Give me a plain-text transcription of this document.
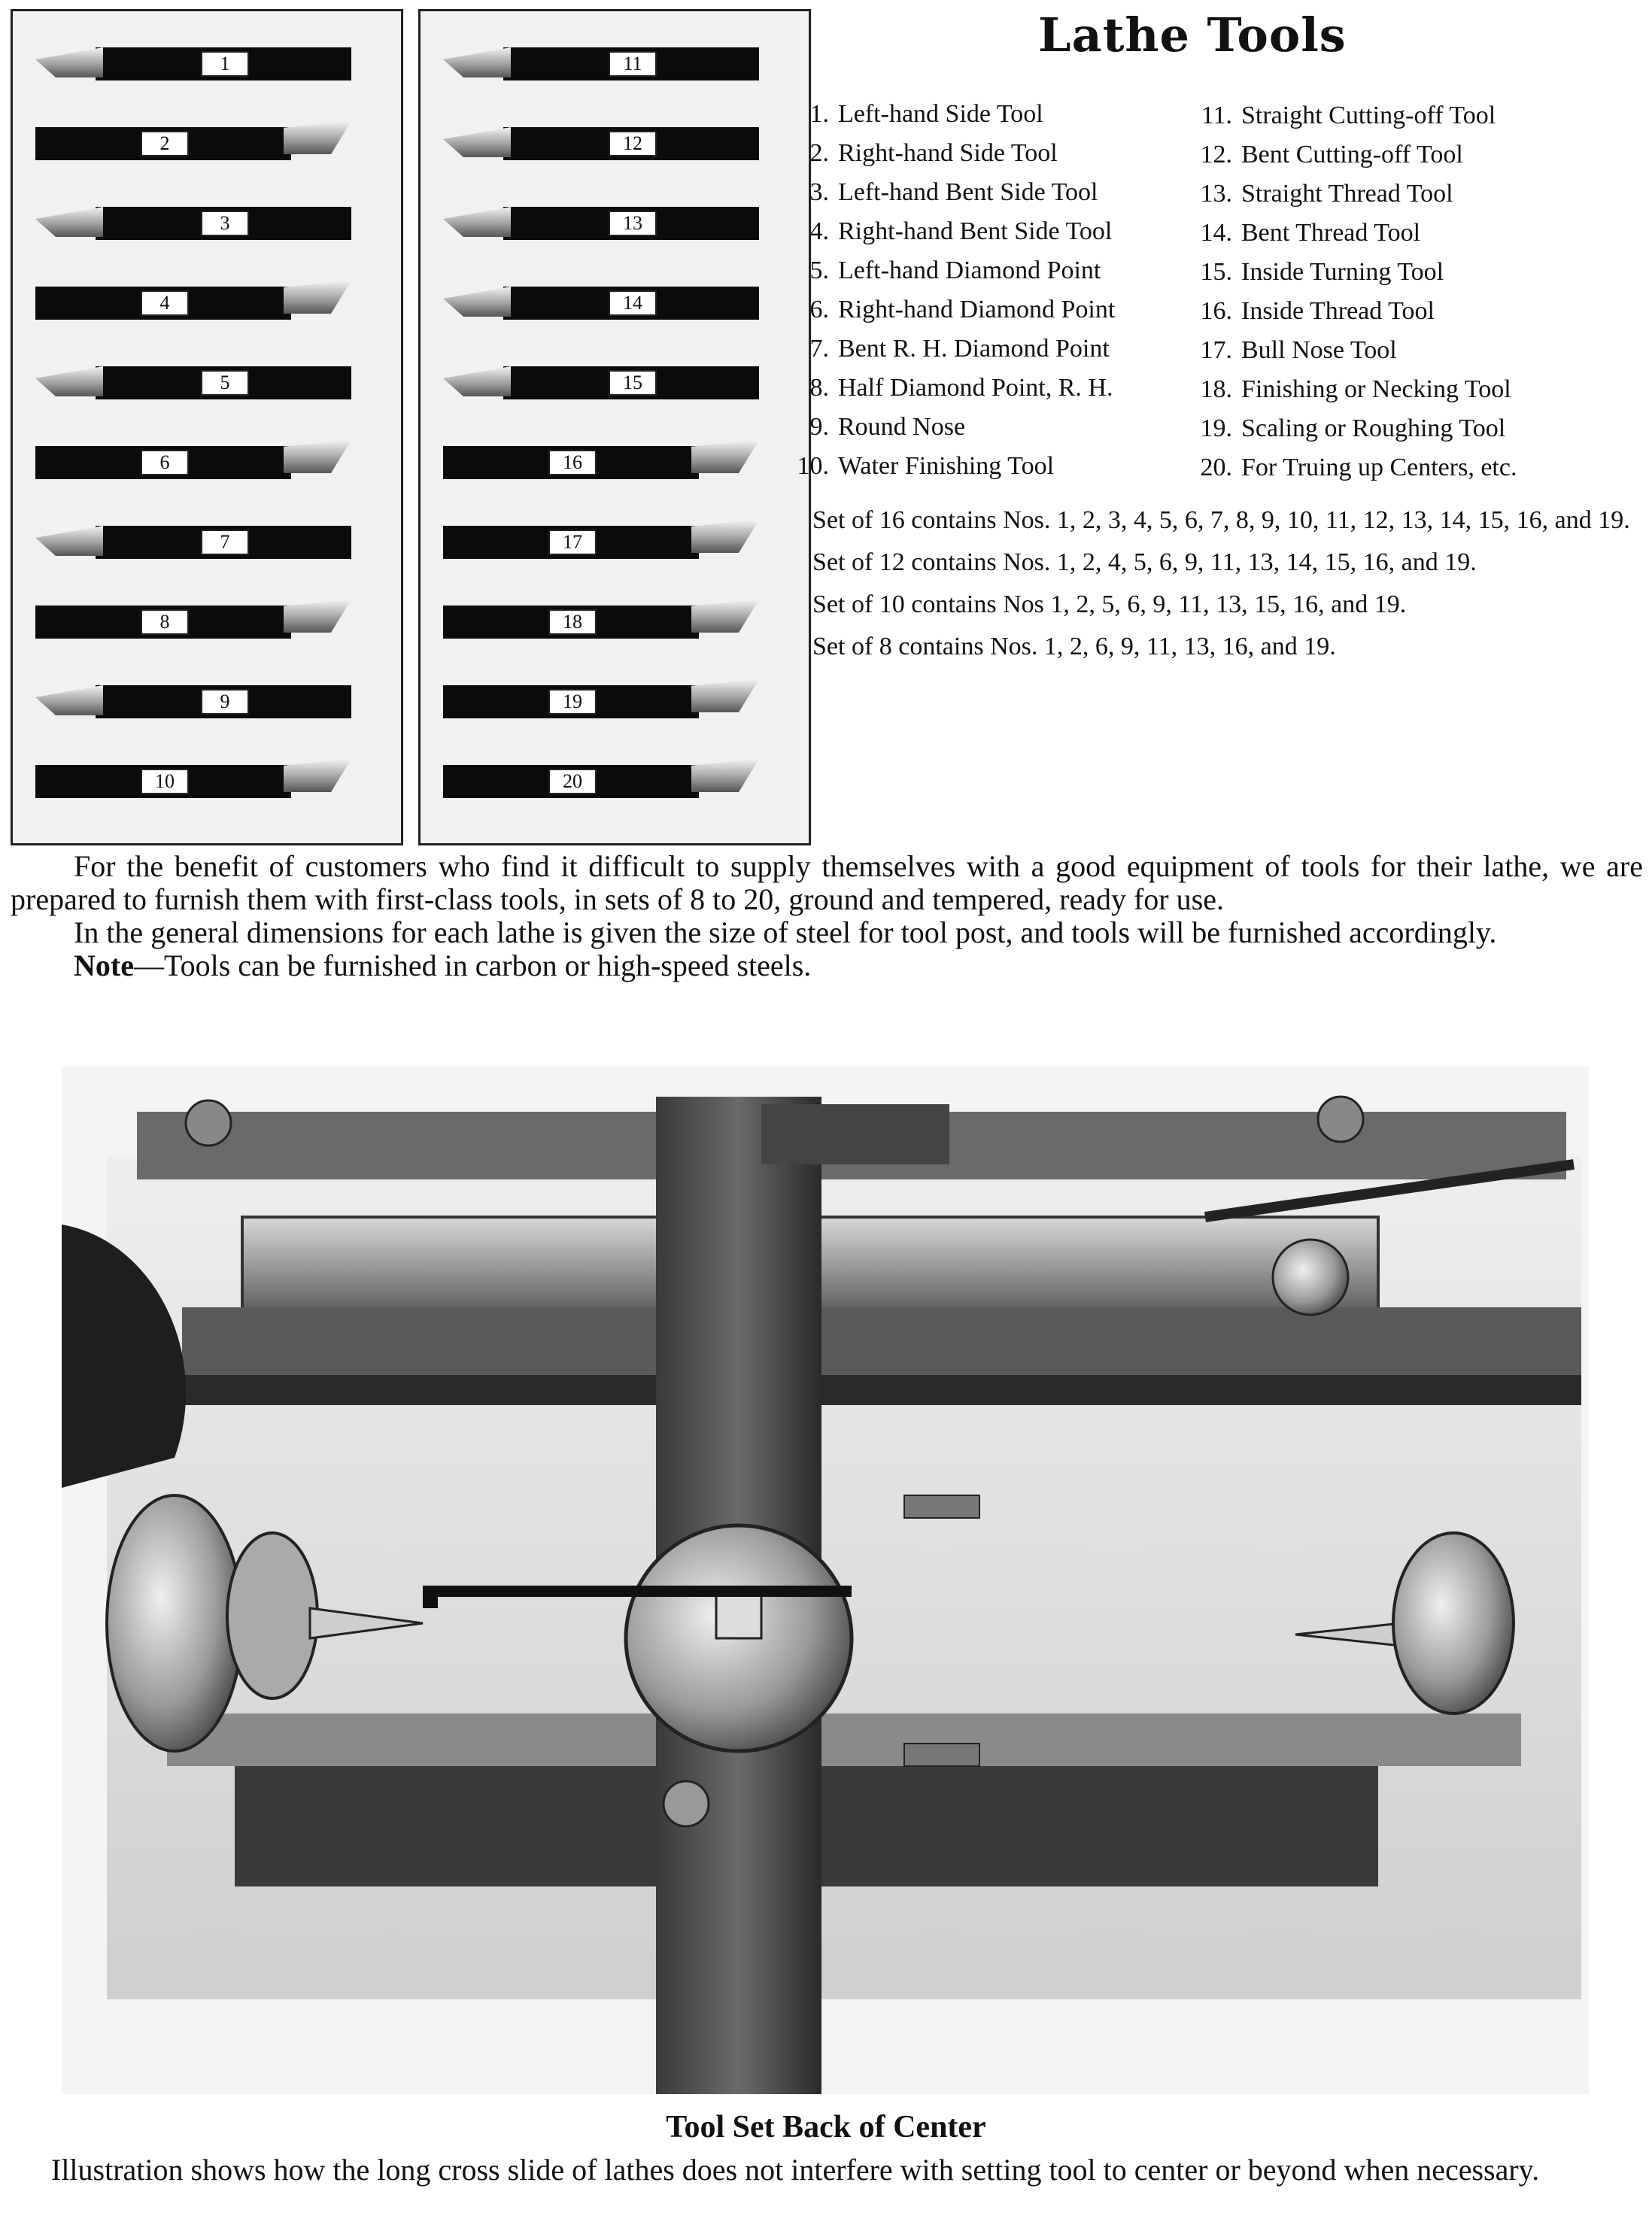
1
2
3
4
5
6
7
8
9
10
11
12
13
14
15
16
17
18
19
20
Lathe Tools
1. Left-hand Side Tool
2. Right-hand Side Tool
3. Left-hand Bent Side Tool
4. Right-hand Bent Side Tool
5. Left-hand Diamond Point
6. Right-hand Diamond Point
7. Bent R. H. Diamond Point
8. Half Diamond Point, R. H.
9. Round Nose
10. Water Finishing Tool
11. Straight Cutting-off Tool
12. Bent Cutting-off Tool
13. Straight Thread Tool
14. Bent Thread Tool
15. Inside Turning Tool
16. Inside Thread Tool
17. Bull Nose Tool
18. Finishing or Necking Tool
19. Scaling or Roughing Tool
20. For Truing up Centers, etc.

Set of 16 contains Nos. 1, 2, 3, 4, 5, 6, 7, 8, 9, 10, 11, 12, 13, 14, 15, 16, and 19.

Set of 12 contains Nos. 1, 2, 4, 5, 6, 9, 11, 13, 14, 15, 16, and 19.

Set of 10 contains Nos 1, 2, 5, 6, 9, 11, 13, 15, 16, and 19.

Set of 8 contains Nos. 1, 2, 6, 9, 11, 13, 16, and 19.

For the benefit of customers who find it difficult to supply themselves with a good equipment of tools for their lathe, we are prepared to furnish them with first-class tools, in sets of 8 to 20, ground and tempered, ready for use.

In the general dimensions for each lathe is given the size of steel for tool post, and tools will be furnished accordingly.

Note—Tools can be furnished in carbon or high-speed steels.

Tool Set Back of Center
Illustration shows how the long cross slide of lathes does not interfere with setting tool to center or beyond when necessary.
